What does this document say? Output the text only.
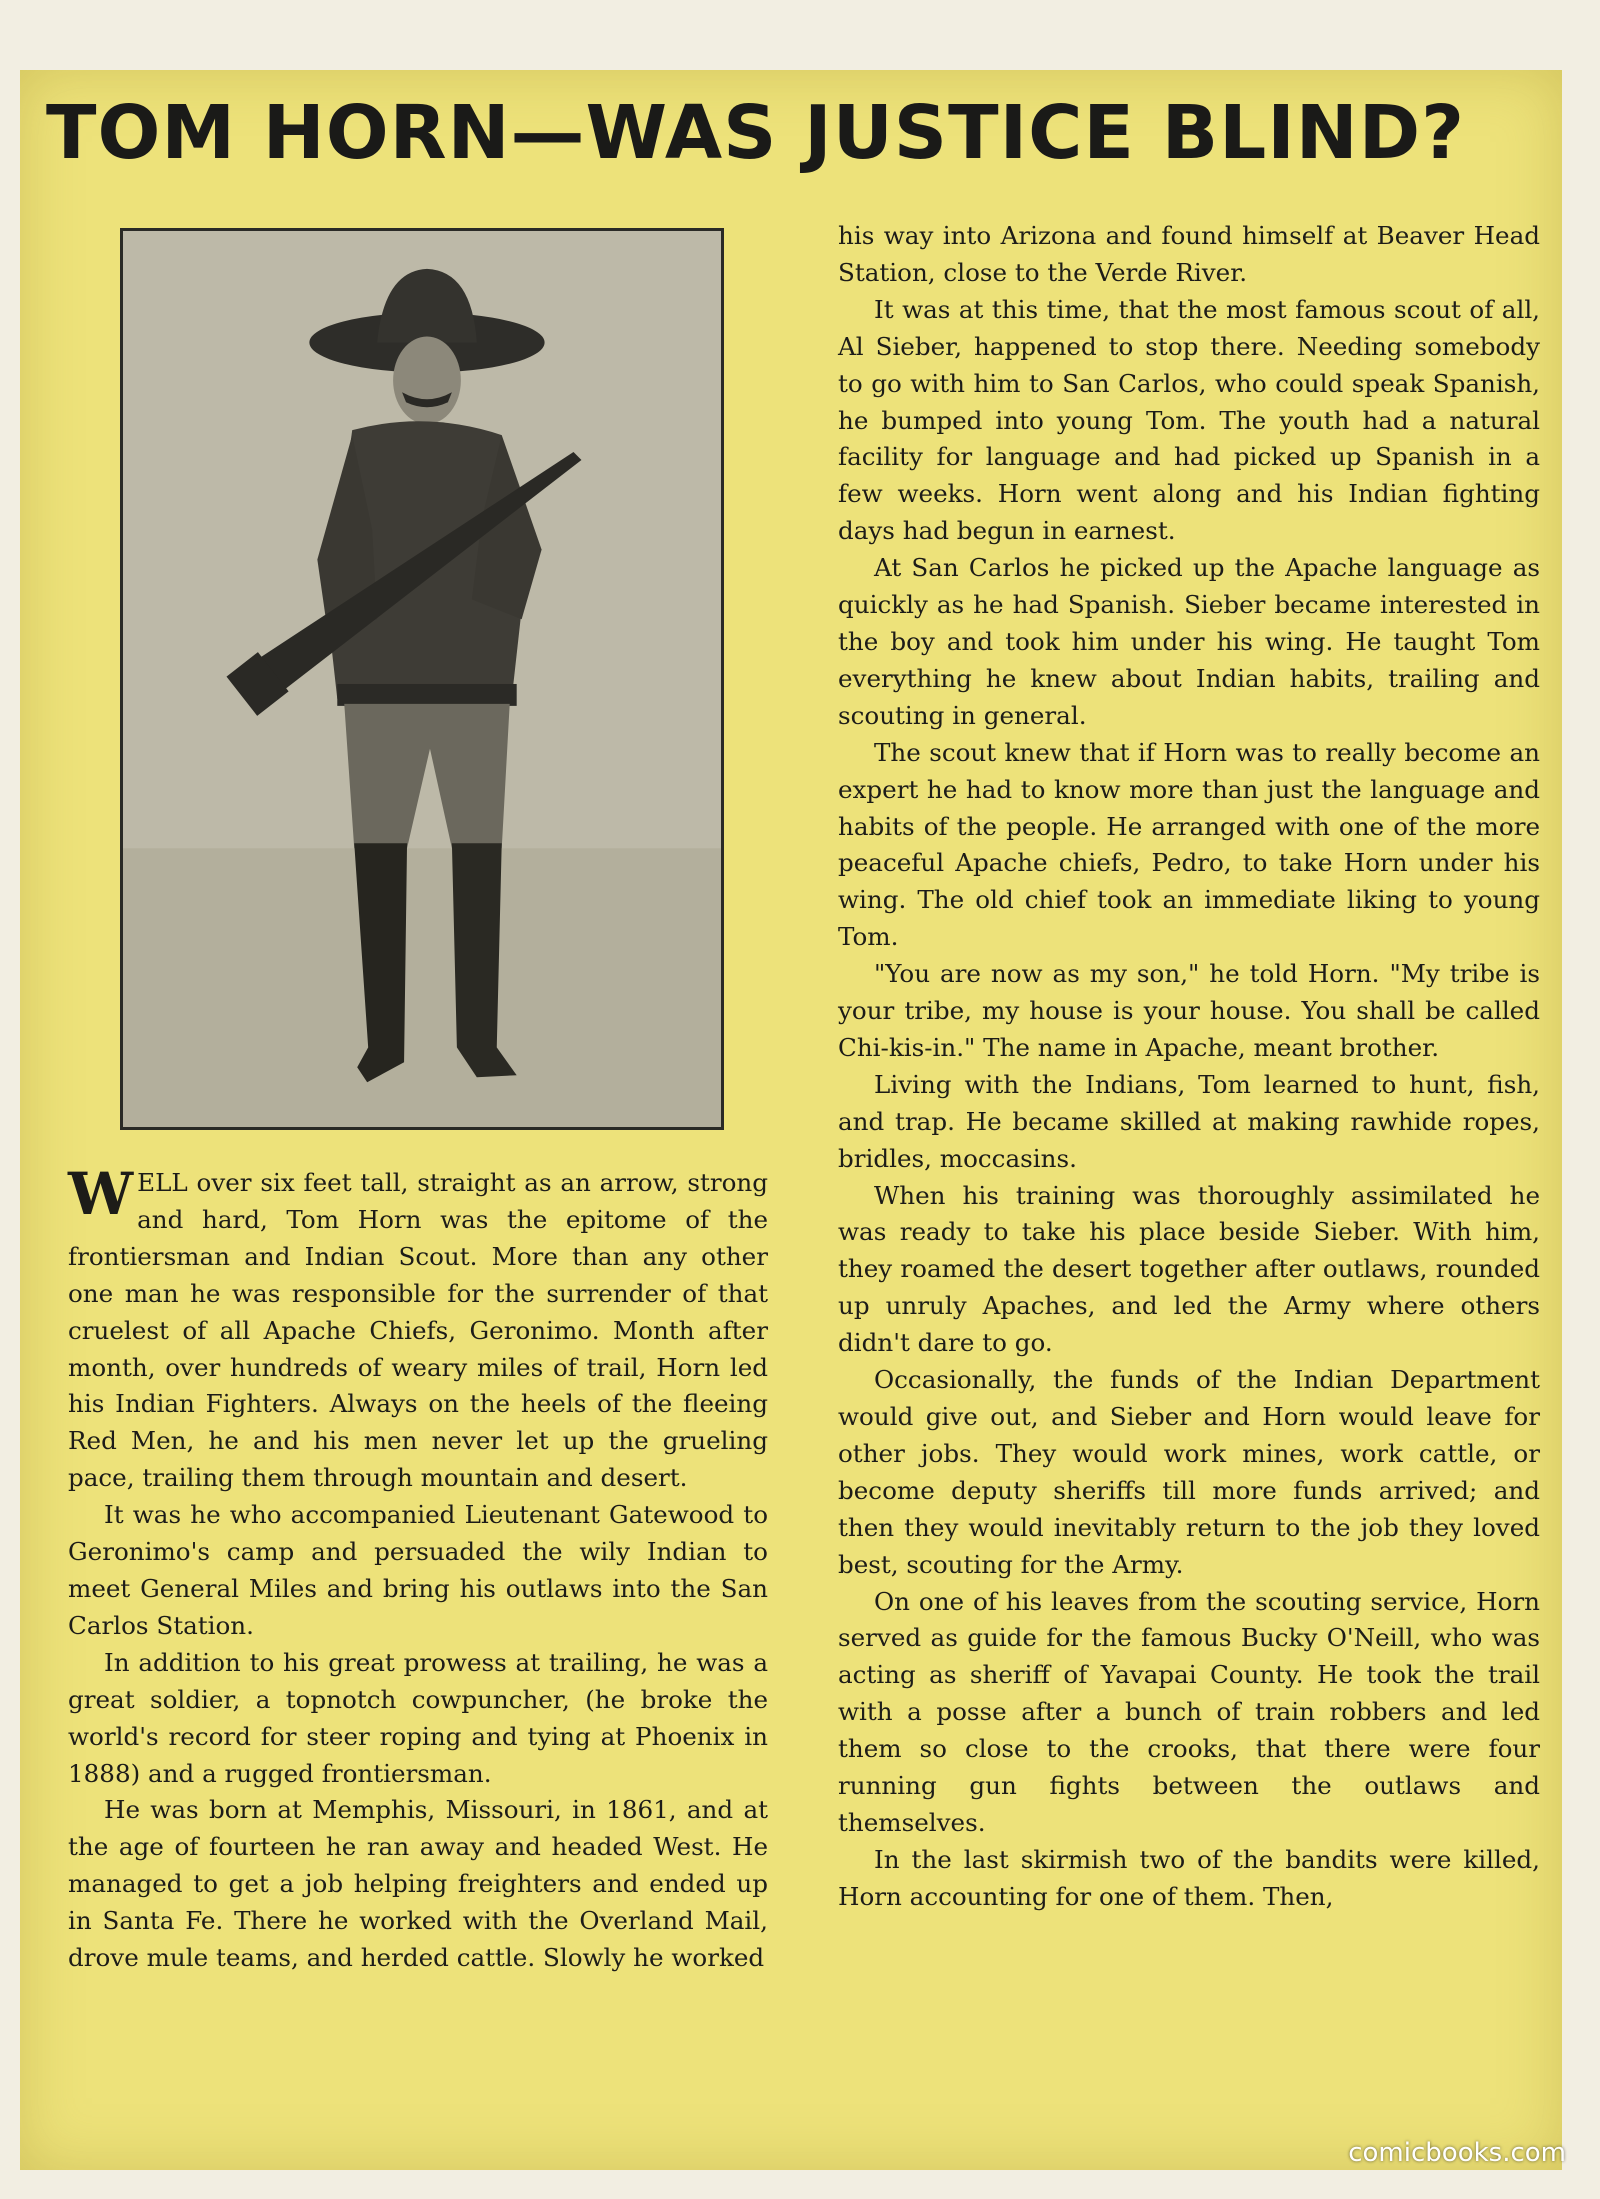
TOM HORN—WAS JUSTICE BLIND?

WELL over six feet tall, straight as an arrow, strong and hard, Tom Horn was the epitome of the frontiersman and Indian Scout. More than any other one man he was responsible for the surrender of that cruelest of all Apache Chiefs, Geronimo. Month after month, over hundreds of weary miles of trail, Horn led his Indian Fighters. Always on the heels of the fleeing Red Men, he and his men never let up the grueling pace, trailing them through mountain and desert.

It was he who accompanied Lieutenant Gatewood to Geronimo's camp and persuaded the wily Indian to meet General Miles and bring his outlaws into the San Carlos Station.

In addition to his great prowess at trailing, he was a great soldier, a topnotch cowpuncher, (he broke the world's record for steer roping and tying at Phoenix in 1888) and a rugged frontiersman.

He was born at Memphis, Missouri, in 1861, and at the age of fourteen he ran away and headed West. He managed to get a job helping freighters and ended up in Santa Fe. There he worked with the Overland Mail, drove mule teams, and herded cattle. Slowly he worked

his way into Arizona and found himself at Beaver Head Station, close to the Verde River.

It was at this time, that the most famous scout of all, Al Sieber, happened to stop there. Needing somebody to go with him to San Carlos, who could speak Spanish, he bumped into young Tom. The youth had a natural facility for language and had picked up Spanish in a few weeks. Horn went along and his Indian fighting days had begun in earnest.

At San Carlos he picked up the Apache language as quickly as he had Spanish. Sieber became interested in the boy and took him under his wing. He taught Tom everything he knew about Indian habits, trailing and scouting in general.

The scout knew that if Horn was to really become an expert he had to know more than just the language and habits of the people. He arranged with one of the more peaceful Apache chiefs, Pedro, to take Horn under his wing. The old chief took an immediate liking to young Tom.

"You are now as my son," he told Horn. "My tribe is your tribe, my house is your house. You shall be called Chi-kis-in." The name in Apache, meant brother.

Living with the Indians, Tom learned to hunt, fish, and trap. He became skilled at making rawhide ropes, bridles, moccasins.

When his training was thoroughly assimilated he was ready to take his place beside Sieber. With him, they roamed the desert together after outlaws, rounded up unruly Apaches, and led the Army where others didn't dare to go.

Occasionally, the funds of the Indian Department would give out, and Sieber and Horn would leave for other jobs. They would work mines, work cattle, or become deputy sheriffs till more funds arrived; and then they would inevitably return to the job they loved best, scouting for the Army.

On one of his leaves from the scouting service, Horn served as guide for the famous Bucky O'Neill, who was acting as sheriff of Yavapai County. He took the trail with a posse after a bunch of train robbers and led them so close to the crooks, that there were four running gun fights between the outlaws and themselves.

In the last skirmish two of the bandits were killed, Horn accounting for one of them. Then,

comicbooks.com
